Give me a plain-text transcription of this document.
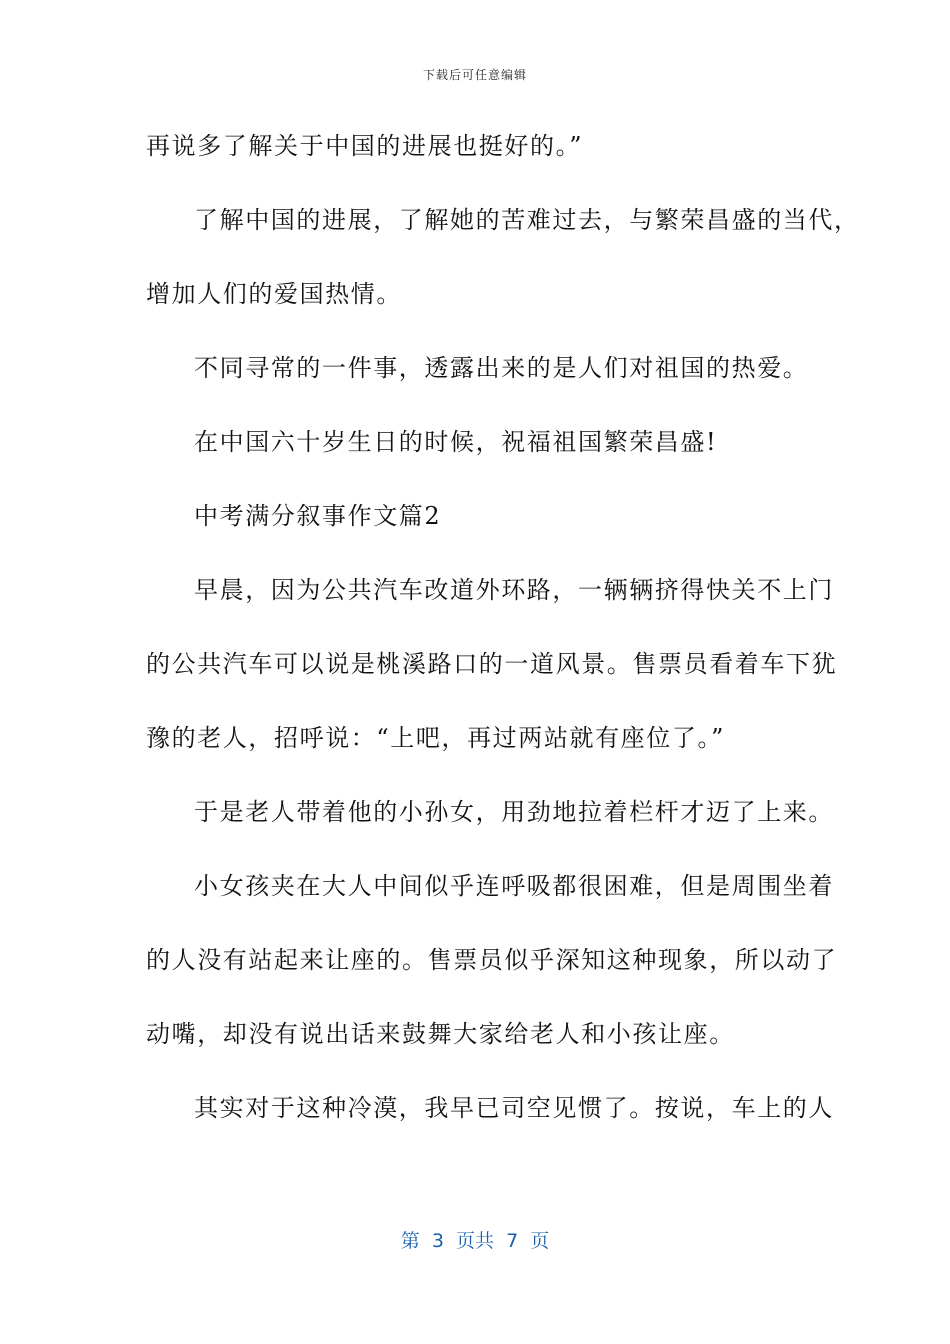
下载后可任意编辑
再说多了解关于中国的进展也挺好的。”
了解中国的进展，了解她的苦难过去，与繁荣昌盛的当代，
增加人们的爱国热情。
不同寻常的一件事，透露出来的是人们对祖国的热爱。
在中国六十岁生日的时候，祝福祖国繁荣昌盛!
中考满分叙事作文篇2
早晨，因为公共汽车改道外环路，一辆辆挤得快关不上门
的公共汽车可以说是桃溪路口的一道风景。售票员看着车下犹
豫的老人，招呼说：“上吧，再过两站就有座位了。”
于是老人带着他的小孙女，用劲地拉着栏杆才迈了上来。
小女孩夹在大人中间似乎连呼吸都很困难，但是周围坐着
的人没有站起来让座的。售票员似乎深知这种现象，所以动了
动嘴，却没有说出话来鼓舞大家给老人和小孩让座。
其实对于这种冷漠，我早已司空见惯了。按说，车上的人
第  3  页共  7  页
